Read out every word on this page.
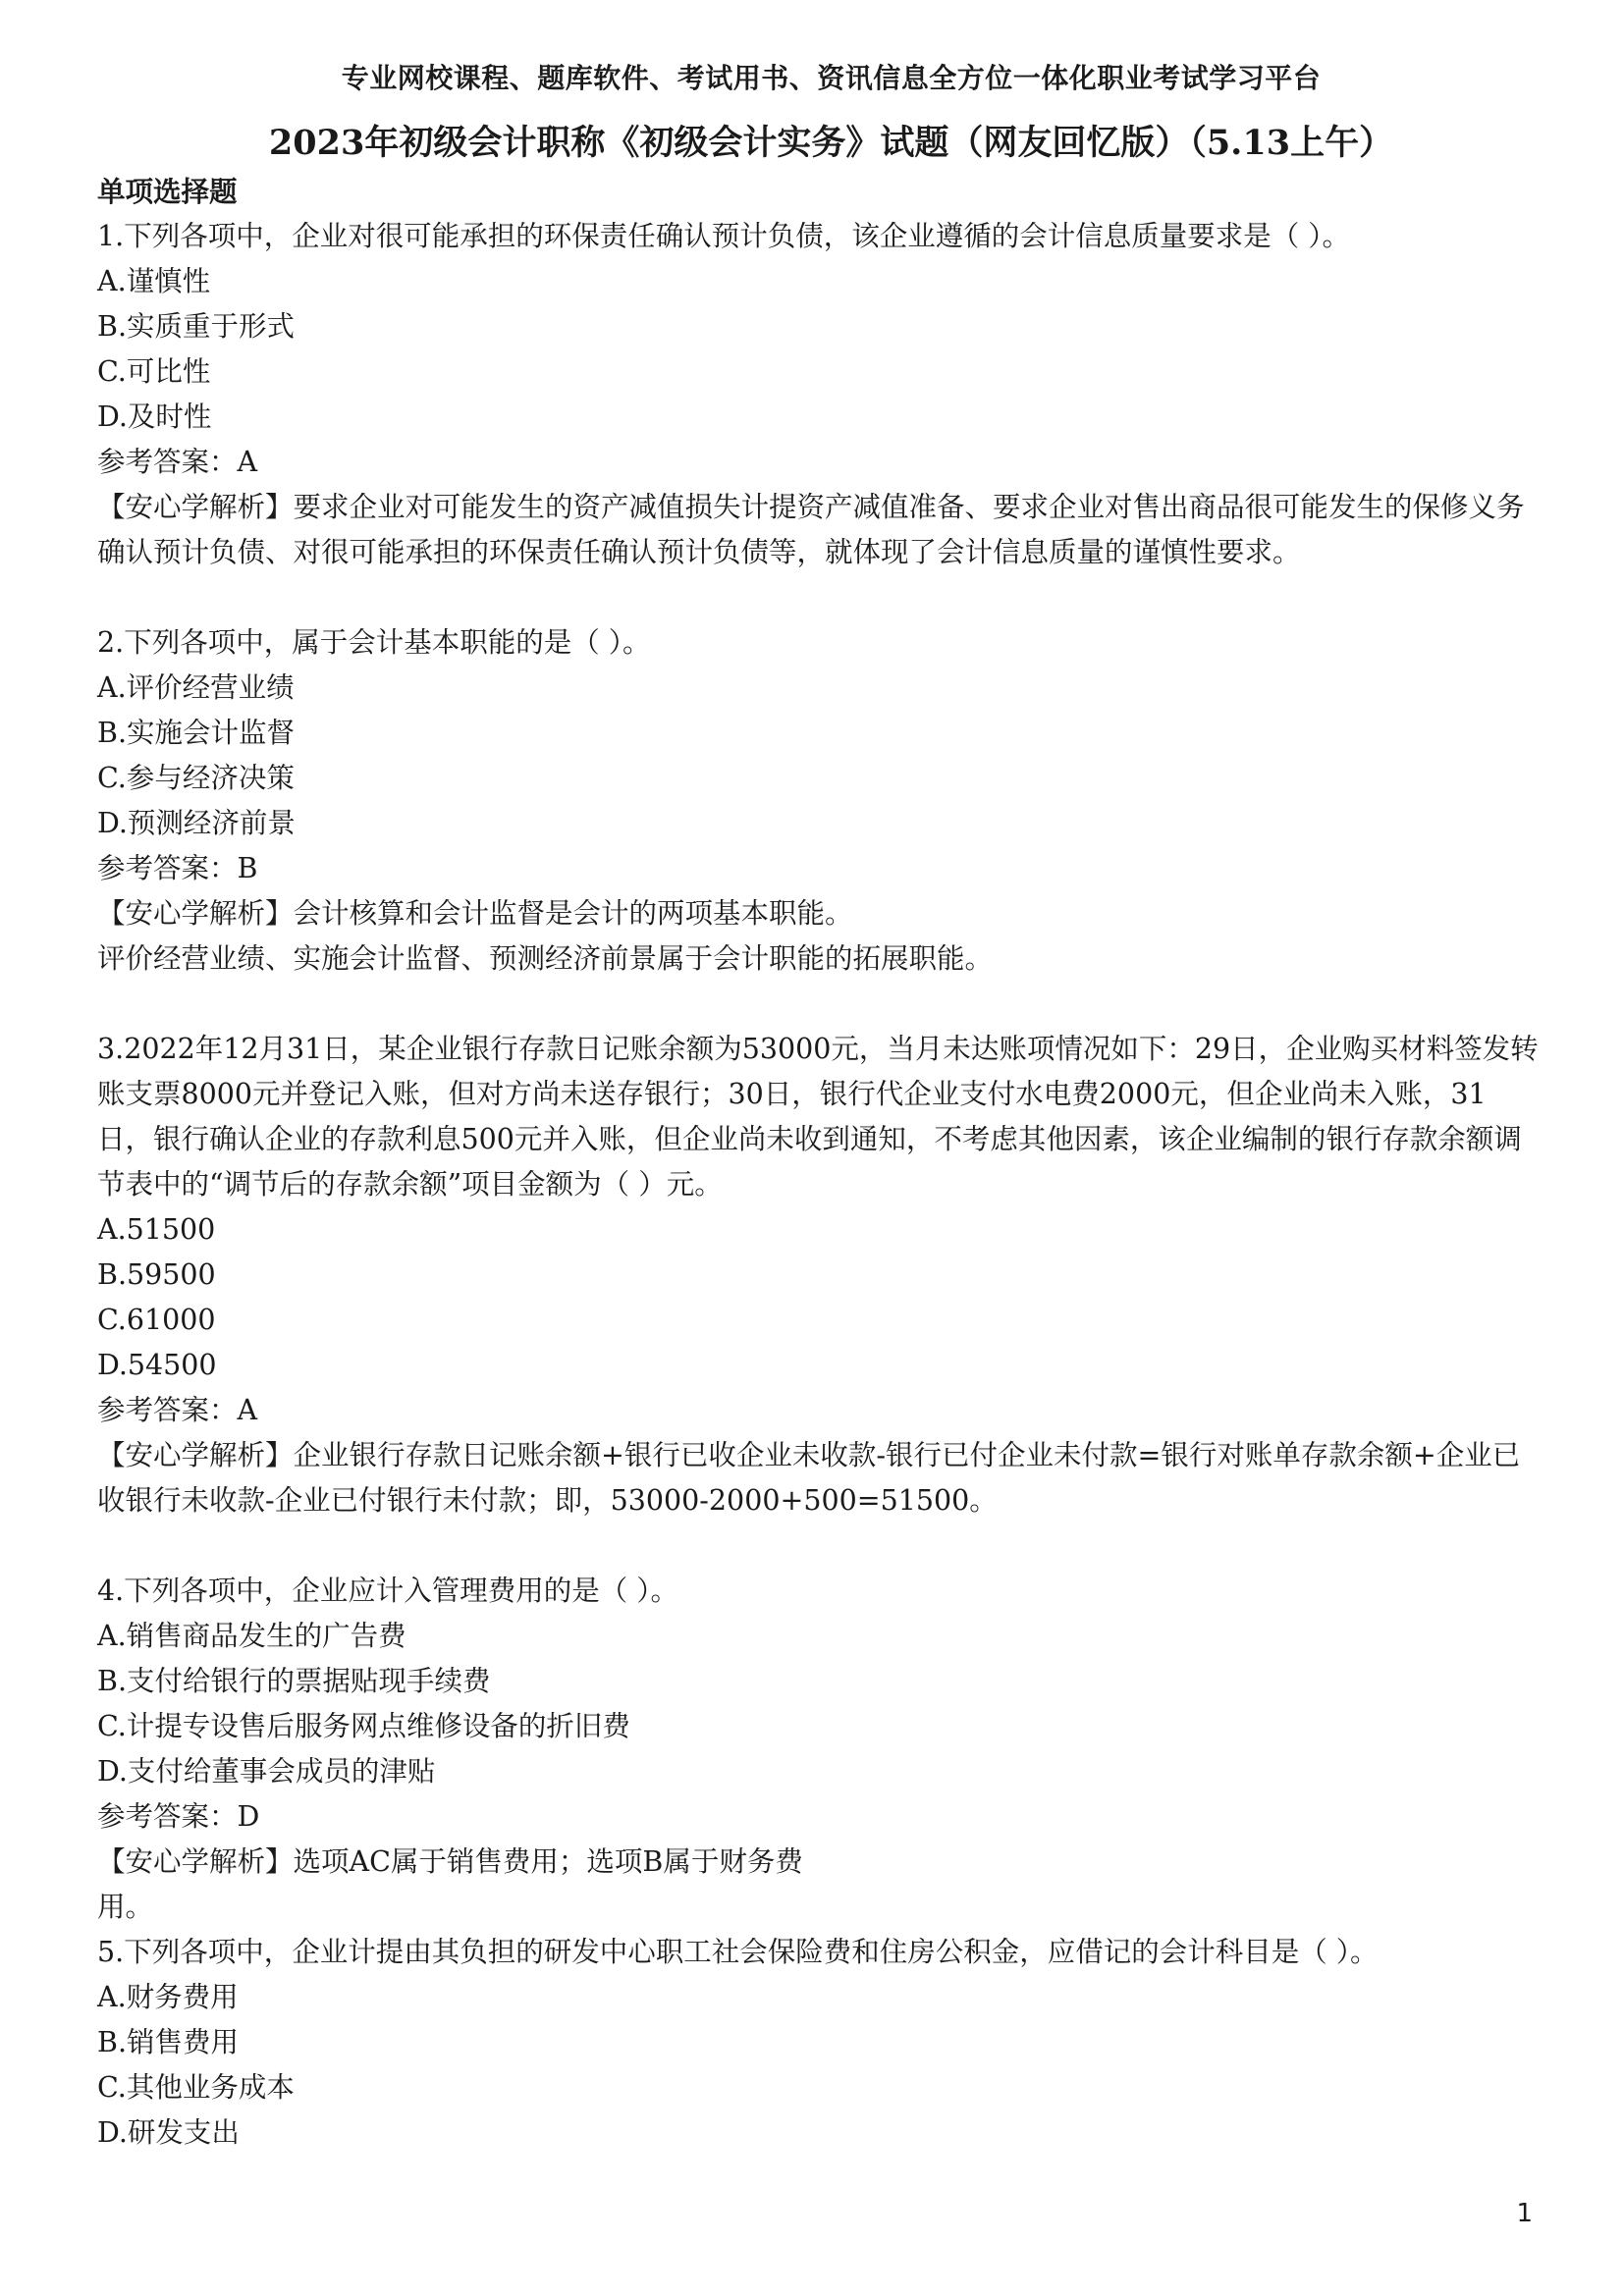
专业网校课程、题库软件、考试用书、资讯信息全方位一体化职业考试学习平台
2023年初级会计职称《初级会计实务》试题（网友回忆版）（5.13上午）
单项选择题
1.下列各项中，企业对很可能承担的环保责任确认预计负债，该企业遵循的会计信息质量要求是（ ）。
A.谨慎性
B.实质重于形式
C.可比性
D.及时性
参考答案：A
【安心学解析】要求企业对可能发生的资产减值损失计提资产减值准备、要求企业对售出商品很可能发生的保修义务确认预计负债、对很可能承担的环保责任确认预计负债等，就体现了会计信息质量的谨慎性要求。
2.下列各项中，属于会计基本职能的是（ ）。
A.评价经营业绩
B.实施会计监督
C.参与经济决策
D.预测经济前景
参考答案：B
【安心学解析】会计核算和会计监督是会计的两项基本职能。
评价经营业绩、实施会计监督、预测经济前景属于会计职能的拓展职能。
3.2022年12月31日，某企业银行存款日记账余额为53000元，当月未达账项情况如下：29日，企业购买材料签发转账支票8000元并登记入账，但对方尚未送存银行；30日，银行代企业支付水电费2000元，但企业尚未入账，31日，银行确认企业的存款利息500元并入账，但企业尚未收到通知，不考虑其他因素，该企业编制的银行存款余额调节表中的“调节后的存款余额”项目金额为（ ）元。
A.51500
B.59500
C.61000
D.54500
参考答案：A
【安心学解析】企业银行存款日记账余额+银行已收企业未收款-银行已付企业未付款=银行对账单存款余额+企业已收银行未收款-企业已付银行未付款；即，53000-2000+500=51500。
4.下列各项中，企业应计入管理费用的是（ ）。
A.销售商品发生的广告费
B.支付给银行的票据贴现手续费
C.计提专设售后服务网点维修设备的折旧费
D.支付给董事会成员的津贴
参考答案：D
【安心学解析】选项AC属于销售费用；选项B属于财务费
用。
5.下列各项中，企业计提由其负担的研发中心职工社会保险费和住房公积金，应借记的会计科目是（ ）。
A.财务费用
B.销售费用
C.其他业务成本
D.研发支出
1
